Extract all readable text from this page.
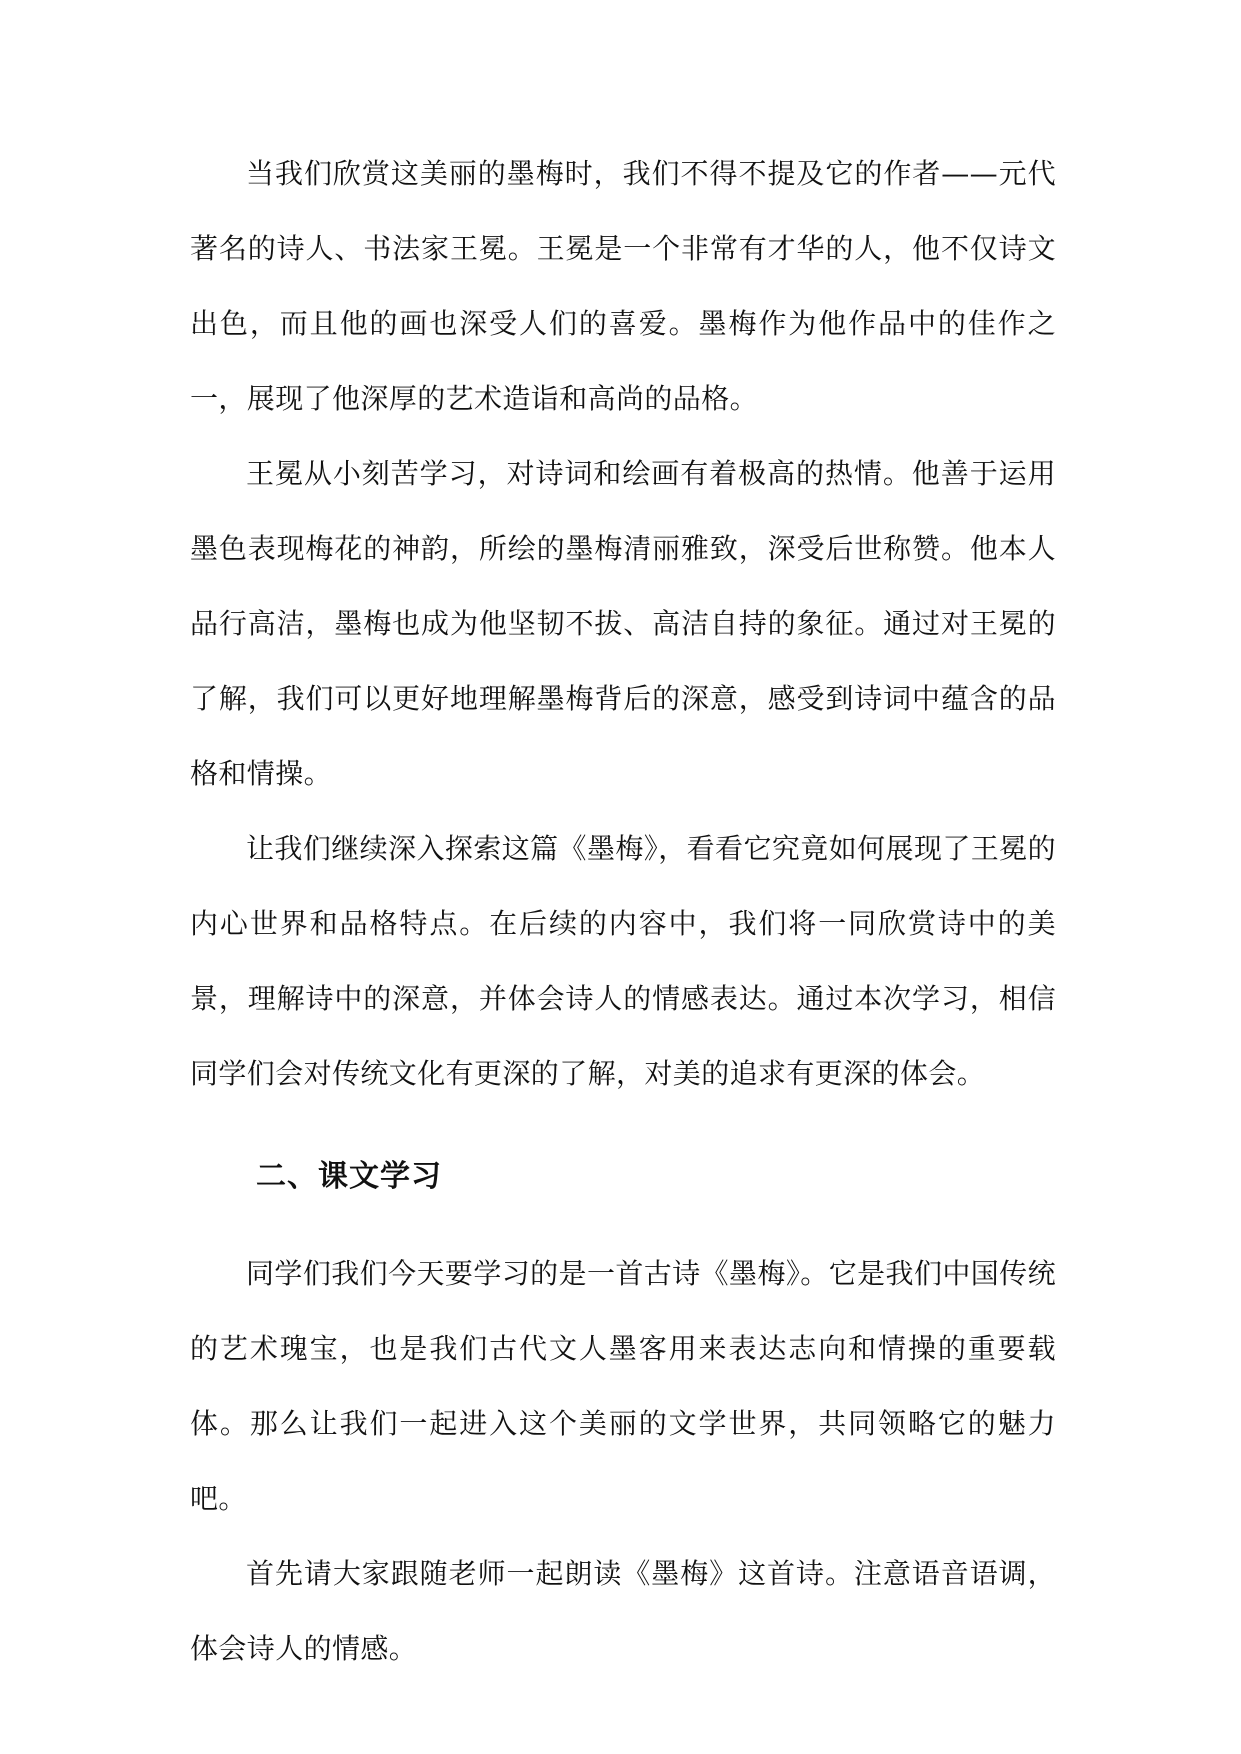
当我们欣赏这美丽的墨梅时，我们不得不提及它的作者——元代著名的诗人、书法家王冕。王冕是一个非常有才华的人，他不仅诗文出色，而且他的画也深受人们的喜爱。墨梅作为他作品中的佳作之一，展现了他深厚的艺术造诣和高尚的品格。

王冕从小刻苦学习，对诗词和绘画有着极高的热情。他善于运用墨色表现梅花的神韵，所绘的墨梅清丽雅致，深受后世称赞。他本人品行高洁，墨梅也成为他坚韧不拔、高洁自持的象征。通过对王冕的了解，我们可以更好地理解墨梅背后的深意，感受到诗词中蕴含的品格和情操。

让我们继续深入探索这篇《墨梅》，看看它究竟如何展现了王冕的内心世界和品格特点。在后续的内容中，我们将一同欣赏诗中的美景，理解诗中的深意，并体会诗人的情感表达。通过本次学习，相信同学们会对传统文化有更深的了解，对美的追求有更深的体会。

二、课文学习

同学们我们今天要学习的是一首古诗《墨梅》。它是我们中国传统的艺术瑰宝，也是我们古代文人墨客用来表达志向和情操的重要载体。那么让我们一起进入这个美丽的文学世界，共同领略它的魅力吧。

首先请大家跟随老师一起朗读《墨梅》这首诗。注意语音语调，体会诗人的情感。
